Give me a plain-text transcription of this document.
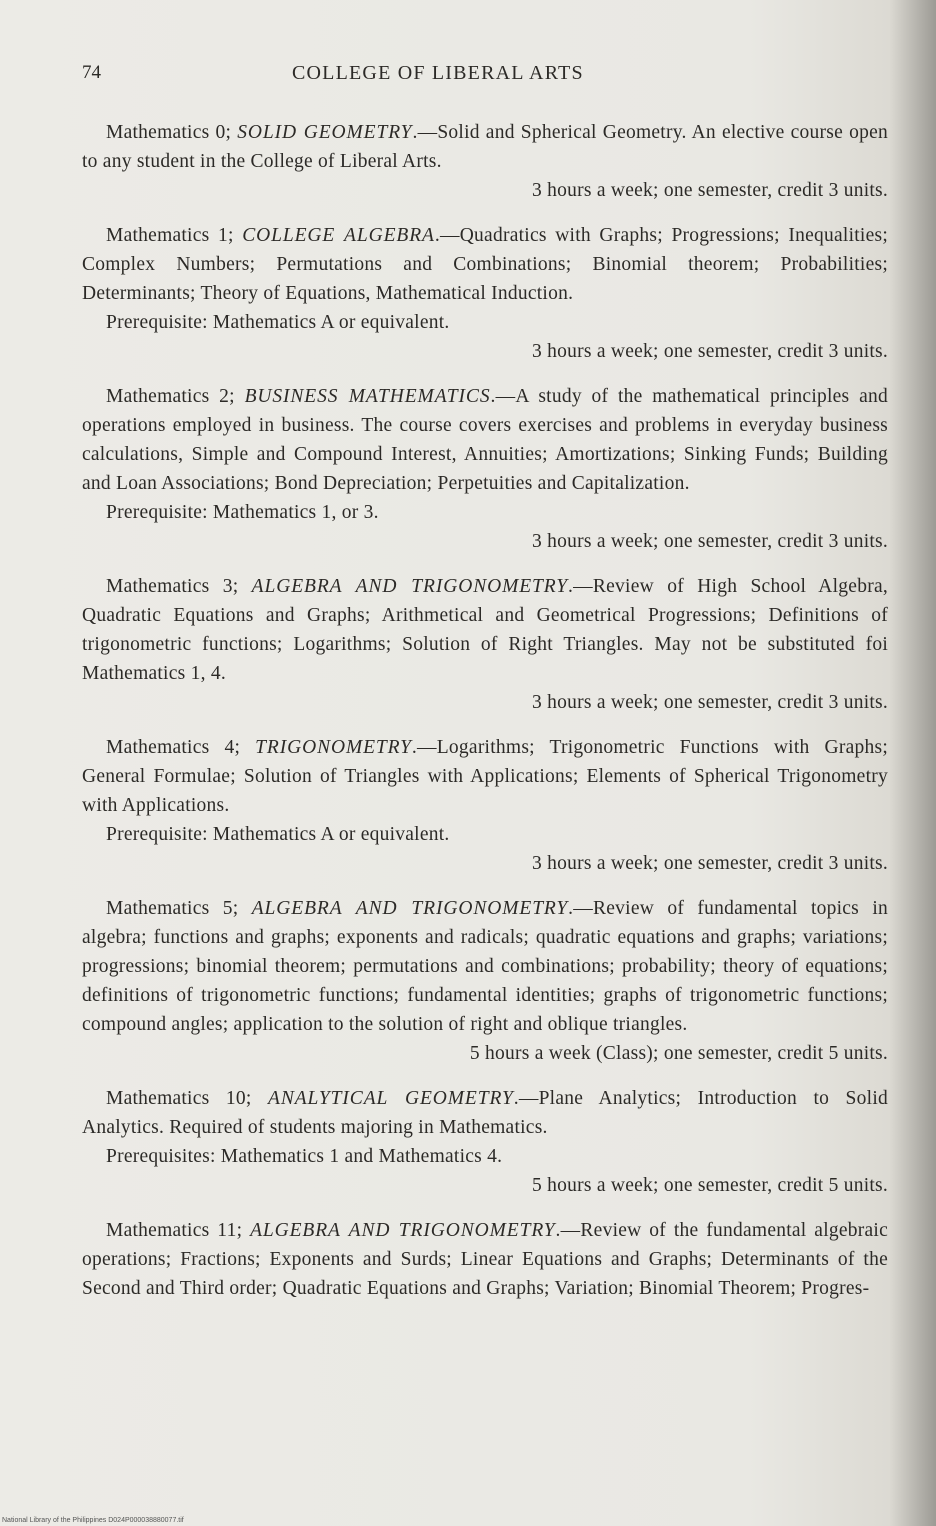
74	COLLEGE OF LIBERAL ARTS
Mathematics 0; SOLID GEOMETRY.—Solid and Spherical Geometry. An elective course open to any student in the College of Liberal Arts.
3 hours a week; one semester, credit 3 units.
Mathematics 1; COLLEGE ALGEBRA.—Quadratics with Graphs; Progressions; Inequalities; Complex Numbers; Permutations and Combinations; Binomial theorem; Probabilities; Determinants; Theory of Equations, Mathematical Induction.
Prerequisite: Mathematics A or equivalent.
3 hours a week; one semester, credit 3 units.
Mathematics 2; BUSINESS MATHEMATICS.—A study of the mathematical principles and operations employed in business. The course covers exercises and problems in everyday business calculations, Simple and Compound Interest, Annuities; Amortizations; Sinking Funds; Building and Loan Associations; Bond Depreciation; Perpetuities and Capitalization.
Prerequisite: Mathematics 1, or 3.
3 hours a week; one semester, credit 3 units.
Mathematics 3; ALGEBRA AND TRIGONOMETRY.—Review of High School Algebra, Quadratic Equations and Graphs; Arithmetical and Geometrical Progressions; Definitions of trigonometric functions; Logarithms; Solution of Right Triangles. May not be substituted foi Mathematics 1, 4.
3 hours a week; one semester, credit 3 units.
Mathematics 4; TRIGONOMETRY.—Logarithms; Trigonometric Functions with Graphs; General Formulae; Solution of Triangles with Applications; Elements of Spherical Trigonometry with Applications.
Prerequisite: Mathematics A or equivalent.
3 hours a week; one semester, credit 3 units.
Mathematics 5; ALGEBRA AND TRIGONOMETRY.—Review of fundamental topics in algebra; functions and graphs; exponents and radicals; quadratic equations and graphs; variations; progressions; binomial theorem; permutations and combinations; probability; theory of equations; definitions of trigonometric functions; fundamental identities; graphs of trigonometric functions; compound angles; application to the solution of right and oblique triangles.
5 hours a week (Class); one semester, credit 5 units.
Mathematics 10; ANALYTICAL GEOMETRY.—Plane Analytics; Introduction to Solid Analytics. Required of students majoring in Mathematics.
Prerequisites: Mathematics 1 and Mathematics 4.
5 hours a week; one semester, credit 5 units.
Mathematics 11; ALGEBRA AND TRIGONOMETRY.—Review of the fundamental algebraic operations; Fractions; Exponents and Surds; Linear Equations and Graphs; Determinants of the Second and Third order; Quadratic Equations and Graphs; Variation; Binomial Theorem; Progres-
National Library of the Philippines D024P000038880077.tif
